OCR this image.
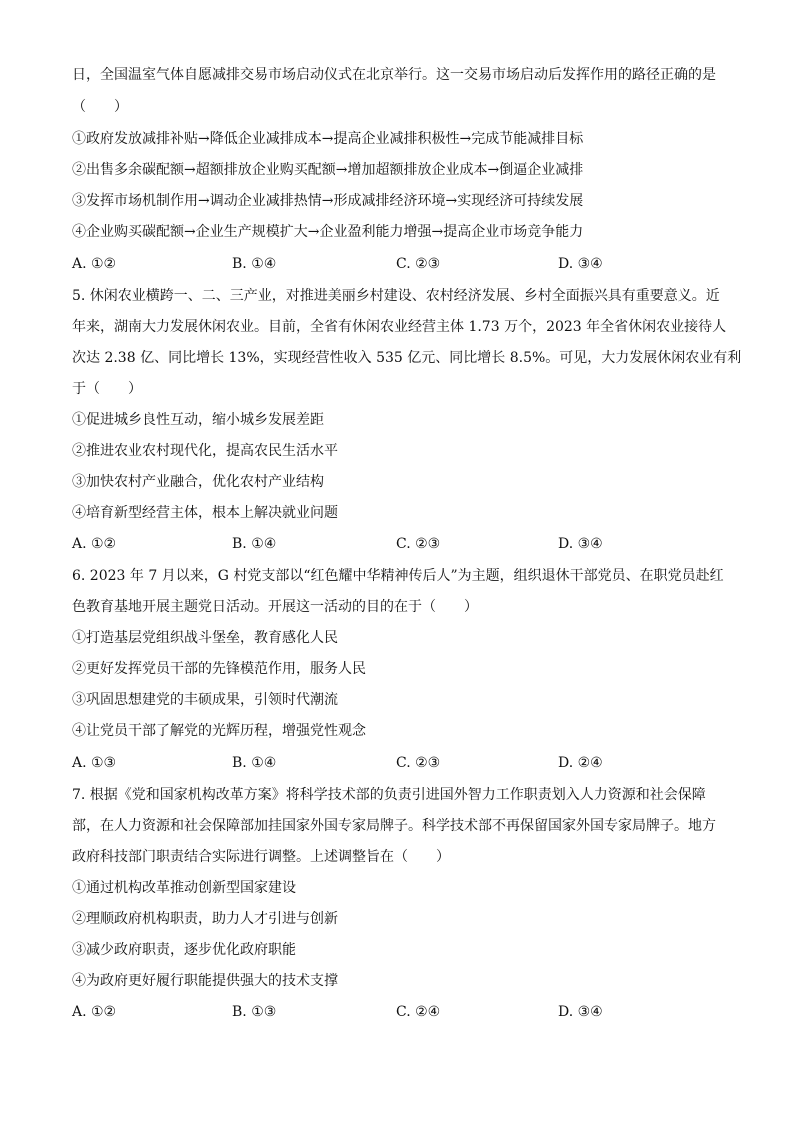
日，全国温室气体自愿减排交易市场启动仪式在北京举行。这一交易市场启动后发挥作用的路径正确的是
（　　）
①政府发放减排补贴→降低企业减排成本→提高企业减排积极性→完成节能减排目标
②出售多余碳配额→超额排放企业购买配额→增加超额排放企业成本→倒逼企业减排
③发挥市场机制作用→调动企业减排热情→形成减排经济环境→实现经济可持续发展
④企业购买碳配额→企业生产规模扩大→企业盈利能力增强→提高企业市场竞争能力
A. ①②	B. ①④	C. ②③	D. ③④
5. 休闲农业横跨一、二、三产业，对推进美丽乡村建设、农村经济发展、乡村全面振兴具有重要意义。近
年来，湖南大力发展休闲农业。目前，全省有休闲农业经营主体 1.73 万个，2023 年全省休闲农业接待人
次达 2.38 亿、同比增长 13%，实现经营性收入 535 亿元、同比增长 8.5%。可见，大力发展休闲农业有利
于（　　）
①促进城乡良性互动，缩小城乡发展差距
②推进农业农村现代化，提高农民生活水平
③加快农村产业融合，优化农村产业结构
④培育新型经营主体，根本上解决就业问题
A. ①②	B. ①④	C. ②③	D. ③④
6. 2023 年 7 月以来，G 村党支部以“红色耀中华精神传后人”为主题，组织退休干部党员、在职党员赴红
色教育基地开展主题党日活动。开展这一活动的目的在于（　　）
①打造基层党组织战斗堡垒，教育感化人民
②更好发挥党员干部的先锋模范作用，服务人民
③巩固思想建党的丰硕成果，引领时代潮流
④让党员干部了解党的光辉历程，增强党性观念
A. ①③	B. ①④	C. ②③	D. ②④
7. 根据《党和国家机构改革方案》将科学技术部的负责引进国外智力工作职责划入人力资源和社会保障
部，在人力资源和社会保障部加挂国家外国专家局牌子。科学技术部不再保留国家外国专家局牌子。地方
政府科技部门职责结合实际进行调整。上述调整旨在（　　）
①通过机构改革推动创新型国家建设
②理顺政府机构职责，助力人才引进与创新
③减少政府职责，逐步优化政府职能
④为政府更好履行职能提供强大的技术支撑
A. ①②	B. ①③	C. ②④	D. ③④
